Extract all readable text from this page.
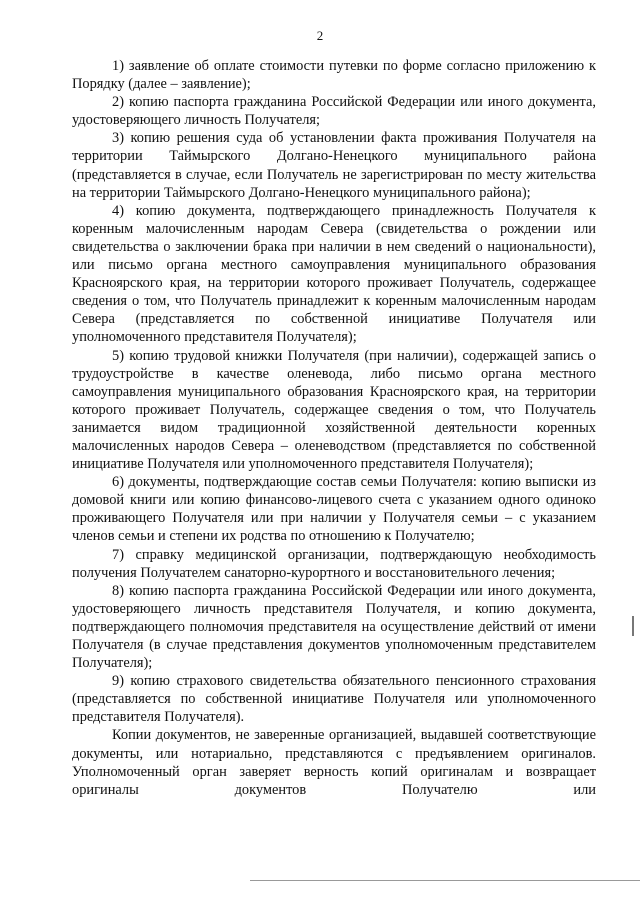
2

1) заявление об оплате стоимости путевки по форме согласно приложению к Порядку (далее – заявление);

2) копию паспорта гражданина Российской Федерации или иного документа, удостоверяющего личность Получателя;

3) копию решения суда об установлении факта проживания Получателя на территории Таймырского Долгано-Ненецкого муниципального района (представляется в случае, если Получатель не зарегистрирован по месту жительства на территории Таймырского Долгано-Ненецкого муниципального района);

4) копию документа, подтверждающего принадлежность Получателя к коренным малочисленным народам Севера (свидетельства о рождении или свидетельства о заключении брака при наличии в нем сведений о национальности), или письмо органа местного самоуправления муниципального образования Красноярского края, на территории которого проживает Получатель, содержащее сведения о том, что Получатель принадлежит к коренным малочисленным народам Севера (представляется по собственной инициативе Получателя или уполномоченного представителя Получателя);

5) копию трудовой книжки Получателя (при наличии), содержащей запись о трудоустройстве в качестве оленевода, либо письмо органа местного самоуправления муниципального образования Красноярского края, на территории которого проживает Получатель, содержащее сведения о том, что Получатель занимается видом традиционной хозяйственной деятельности коренных малочисленных народов Севера – оленеводством (представляется по собственной инициативе Получателя или уполномоченного представителя Получателя);

6) документы, подтверждающие состав семьи Получателя: копию выписки из домовой книги или копию финансово-лицевого счета с указанием одного одиноко проживающего Получателя или при наличии у Получателя семьи – с указанием членов семьи и степени их родства по отношению к Получателю;

7) справку медицинской организации, подтверждающую необходимость получения Получателем санаторно-курортного и восстановительного лечения;

8) копию паспорта гражданина Российской Федерации или иного документа, удостоверяющего личность представителя Получателя, и копию документа, подтверждающего полномочия представителя на осуществление действий от имени Получателя (в случае представления документов уполномоченным представителем Получателя);

9) копию страхового свидетельства обязательного пенсионного страхования (представляется по собственной инициативе Получателя или уполномоченного представителя Получателя).

Копии документов, не заверенные организацией, выдавшей соответствующие документы, или нотариально, представляются с предъявлением оригиналов. Уполномоченный орган заверяет верность копий оригиналам и возвращает оригиналы документов Получателю или
